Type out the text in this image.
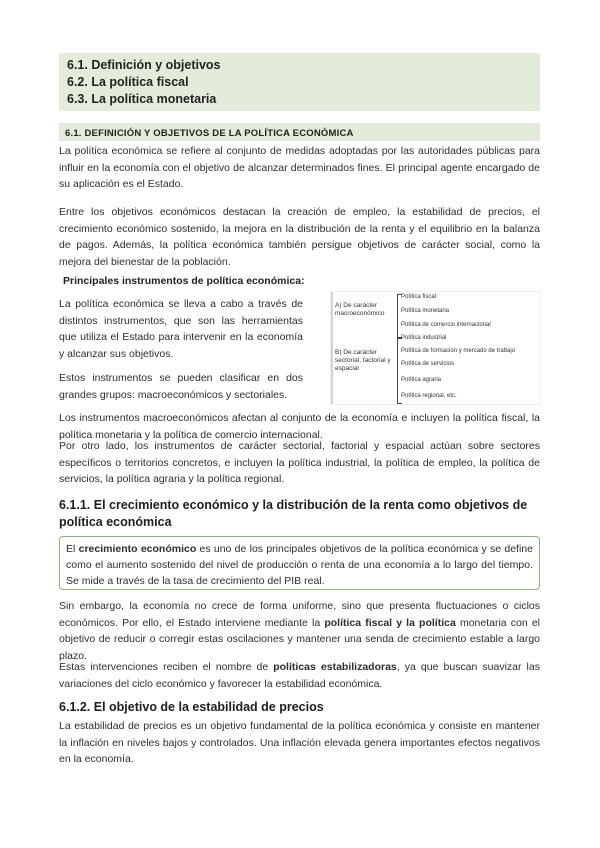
6.1. Definición y objetivos
6.2. La política fiscal
6.3. La política monetaria
6.1. DEFINICIÓN Y OBJETIVOS DE LA POLÍTICA ECONÓMICA

La política económica se refiere al conjunto de medidas adoptadas por las autoridades públicas para influir en la economía con el objetivo de alcanzar determinados fines. El principal agente encargado de su aplicación es el Estado.

Entre los objetivos económicos destacan la creación de empleo, la estabilidad de precios, el crecimiento económico sostenido, la mejora en la distribución de la renta y el equilibrio en la balanza de pagos. Además, la política económica también persigue objetivos de carácter social, como la mejora del bienestar de la población.

Principales instrumentos de política económica:

La política económica se lleva a cabo a través de distintos instrumentos, que son las herramientas que utiliza el Estado para intervenir en la economía y alcanzar sus objetivos.

Estos instrumentos se pueden clasificar en dos grandes grupos: macroeconómicos y sectoriales.

A) De carácter macroeconómico
Política fiscal
Política monetaria
Política de comercio internacional
B) De carácter sectorial, factorial y espacial
Política industrial
Política de formación y mercado de trabajo
Política de servicios
Política agraria
Política regional, etc.

Los instrumentos macroeconómicos afectan al conjunto de la economía e incluyen la política fiscal, la política monetaria y la política de comercio internacional.

Por otro lado, los instrumentos de carácter sectorial, factorial y espacial actúan sobre sectores específicos o territorios concretos, e incluyen la política industrial, la política de empleo, la política de servicios, la política agraria y la política regional.

6.1.1. El crecimiento económico y la distribución de la renta como objetivos de política económica

El crecimiento económico es uno de los principales objetivos de la política económica y se define como el aumento sostenido del nivel de producción o renta de una economía a lo largo del tiempo. Se mide a través de la tasa de crecimiento del PIB real.

Sin embargo, la economía no crece de forma uniforme, sino que presenta fluctuaciones o ciclos económicos. Por ello, el Estado interviene mediante la política fiscal y la política monetaria con el objetivo de reducir o corregir estas oscilaciones y mantener una senda de crecimiento estable a largo plazo.

Estas intervenciones reciben el nombre de políticas estabilizadoras, ya que buscan suavizar las variaciones del ciclo económico y favorecer la estabilidad económica.

6.1.2. El objetivo de la estabilidad de precios

La estabilidad de precios es un objetivo fundamental de la política económica y consiste en mantener la inflación en niveles bajos y controlados. Una inflación elevada genera importantes efectos negativos en la economía.
